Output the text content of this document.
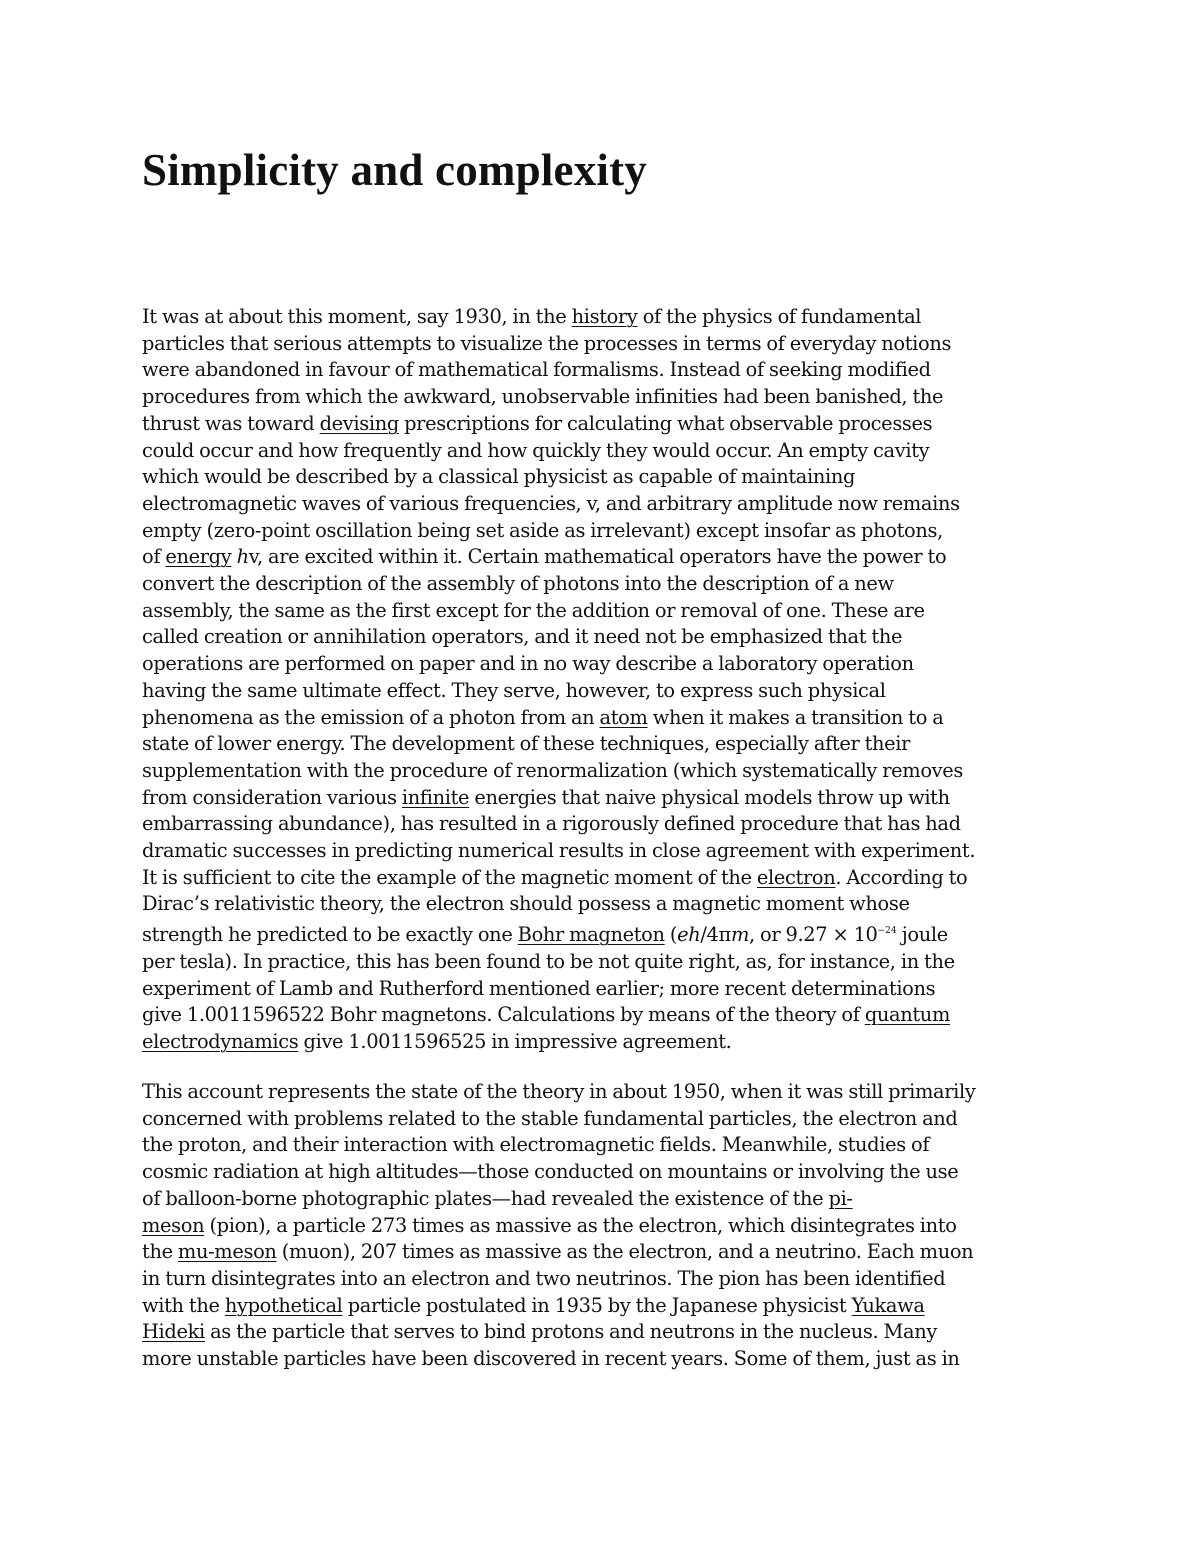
Simplicity and complexity

It was at about this moment, say 1930, in the history of the physics of fundamental
particles that serious attempts to visualize the processes in terms of everyday notions
were abandoned in favour of mathematical formalisms. Instead of seeking modified
procedures from which the awkward, unobservable infinities had been banished, the
thrust was toward devising prescriptions for calculating what observable processes
could occur and how frequently and how quickly they would occur. An empty cavity
which would be described by a classical physicist as capable of maintaining
electromagnetic waves of various frequencies, v, and arbitrary amplitude now remains
empty (zero-point oscillation being set aside as irrelevant) except insofar as photons,
of energy hv, are excited within it. Certain mathematical operators have the power to
convert the description of the assembly of photons into the description of a new
assembly, the same as the first except for the addition or removal of one. These are
called creation or annihilation operators, and it need not be emphasized that the
operations are performed on paper and in no way describe a laboratory operation
having the same ultimate effect. They serve, however, to express such physical
phenomena as the emission of a photon from an atom when it makes a transition to a
state of lower energy. The development of these techniques, especially after their
supplementation with the procedure of renormalization (which systematically removes
from consideration various infinite energies that naive physical models throw up with
embarrassing abundance), has resulted in a rigorously defined procedure that has had
dramatic successes in predicting numerical results in close agreement with experiment.
It is sufficient to cite the example of the magnetic moment of the electron. According to
Dirac’s relativistic theory, the electron should possess a magnetic moment whose
strength he predicted to be exactly one Bohr magneton (eh/4πm, or $9.27 \times 10^{-24}$ joule
per tesla). In practice, this has been found to be not quite right, as, for instance, in the
experiment of Lamb and Rutherford mentioned earlier; more recent determinations
give 1.0011596522 Bohr magnetons. Calculations by means of the theory of quantum
electrodynamics give 1.0011596525 in impressive agreement.

This account represents the state of the theory in about 1950, when it was still primarily
concerned with problems related to the stable fundamental particles, the electron and
the proton, and their interaction with electromagnetic fields. Meanwhile, studies of
cosmic radiation at high altitudes—those conducted on mountains or involving the use
of balloon-borne photographic plates—had revealed the existence of the pi-
meson (pion), a particle 273 times as massive as the electron, which disintegrates into
the mu-meson (muon), 207 times as massive as the electron, and a neutrino. Each muon
in turn disintegrates into an electron and two neutrinos. The pion has been identified
with the hypothetical particle postulated in 1935 by the Japanese physicist Yukawa
Hideki as the particle that serves to bind protons and neutrons in the nucleus. Many
more unstable particles have been discovered in recent years. Some of them, just as in
